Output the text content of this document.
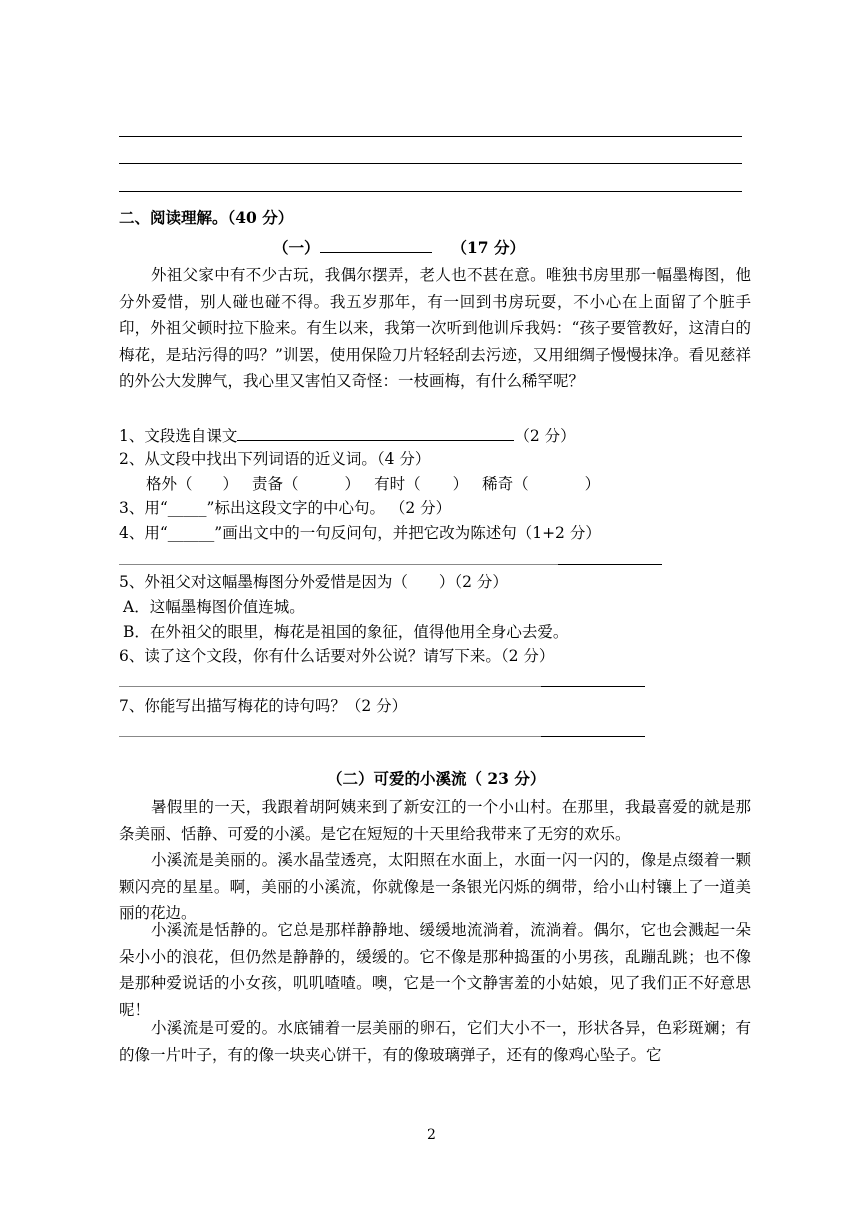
二、阅读理解。（40 分）
（一）	（17 分）
外祖父家中有不少古玩，我偶尔摆弄，老人也不甚在意。唯独书房里那一幅墨梅图，他分外爱惜，别人碰也碰不得。我五岁那年，有一回到书房玩耍，不小心在上面留了个脏手印，外祖父顿时拉下脸来。有生以来，我第一次听到他训斥我妈：“孩子要管教好，这清白的梅花，是玷污得的吗？”训罢，使用保险刀片轻轻刮去污迹，又用细绸子慢慢抹净。看见慈祥的外公大发脾气，我心里又害怕又奇怪：一枝画梅，有什么稀罕呢？
1、文段选自课文	（2 分）
2、从文段中找出下列词语的近义词。（4 分）
格外（ ） 责备（	） 有时（ ） 稀奇（	）
3、用“_____”标出这段文字的中心句。 （2 分）
4、用“______”画出文中的一句反问句，并把它改为陈述句（1+2 分）
5、外祖父对这幅墨梅图分外爱惜是因为（　　）（2 分）
A．这幅墨梅图价值连城。
B．在外祖父的眼里，梅花是祖国的象征，值得他用全身心去爱。
6、读了这个文段，你有什么话要对外公说？请写下来。（2 分）
7、你能写出描写梅花的诗句吗？（2 分）
（二）可爱的小溪流（ 23 分）
暑假里的一天，我跟着胡阿姨来到了新安江的一个小山村。在那里，我最喜爱的就是那条美丽、恬静、可爱的小溪。是它在短短的十天里给我带来了无穷的欢乐。
小溪流是美丽的。溪水晶莹透亮，太阳照在水面上，水面一闪一闪的，像是点缀着一颗颗闪亮的星星。啊，美丽的小溪流，你就像是一条银光闪烁的绸带，给小山村镶上了一道美丽的花边。
小溪流是恬静的。它总是那样静静地、缓缓地流淌着，流淌着。偶尔，它也会溅起一朵朵小小的浪花，但仍然是静静的，缓缓的。它不像是那种捣蛋的小男孩，乱蹦乱跳；也不像是那种爱说话的小女孩，叽叽喳喳。噢，它是一个文静害羞的小姑娘，见了我们正不好意思呢！
小溪流是可爱的。水底铺着一层美丽的卵石，它们大小不一，形状各异，色彩斑斓；有的像一片叶子，有的像一块夹心饼干，有的像玻璃弹子，还有的像鸡心坠子。它
2
